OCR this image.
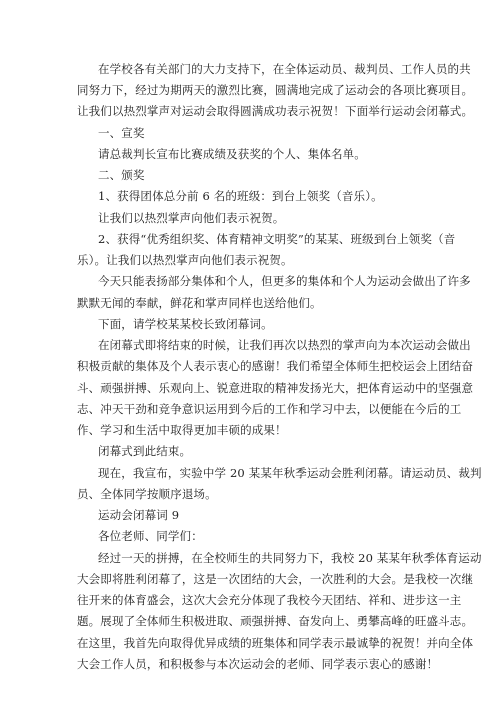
在学校各有关部门的大力支持下，在全体运动员、裁判员、工作人员的共
同努力下，经过为期两天的激烈比赛，圆满地完成了运动会的各项比赛项目。
让我们以热烈掌声对运动会取得圆满成功表示祝贺！下面举行运动会闭幕式。
一、宣奖
请总裁判长宣布比赛成绩及获奖的个人、集体名单。
二、颁奖
1、获得团体总分前 6 名的班级：到台上领奖（音乐）。
让我们以热烈掌声向他们表示祝贺。
2、获得“优秀组织奖、体育精神文明奖”的某某、班级到台上领奖（音
乐）。让我们以热烈掌声向他们表示祝贺。
今天只能表扬部分集体和个人，但更多的集体和个人为运动会做出了许多
默默无闻的奉献，鲜花和掌声同样也送给他们。
下面，请学校某某校长致闭幕词。
在闭幕式即将结束的时候，让我们再次以热烈的掌声向为本次运动会做出
积极贡献的集体及个人表示衷心的感谢！我们希望全体师生把校运会上团结奋
斗、顽强拼搏、乐观向上、锐意进取的精神发扬光大，把体育运动中的坚强意
志、冲天干劲和竞争意识运用到今后的工作和学习中去，以便能在今后的工
作、学习和生活中取得更加丰硕的成果！
闭幕式到此结束。
现在，我宣布，实验中学 20 某某年秋季运动会胜利闭幕。请运动员、裁判
员、全体同学按顺序退场。
运动会闭幕词 9
各位老师、同学们：
经过一天的拼搏，在全校师生的共同努力下，我校 20 某某年秋季体育运动
大会即将胜利闭幕了，这是一次团结的大会，一次胜利的大会。是我校一次继
往开来的体育盛会，这次大会充分体现了我校今天团结、祥和、进步这一主
题。展现了全体师生积极进取、顽强拼搏、奋发向上、勇攀高峰的旺盛斗志。
在这里，我首先向取得优异成绩的班集体和同学表示最诚挚的祝贺！并向全体
大会工作人员，和积极参与本次运动会的老师、同学表示衷心的感谢！
